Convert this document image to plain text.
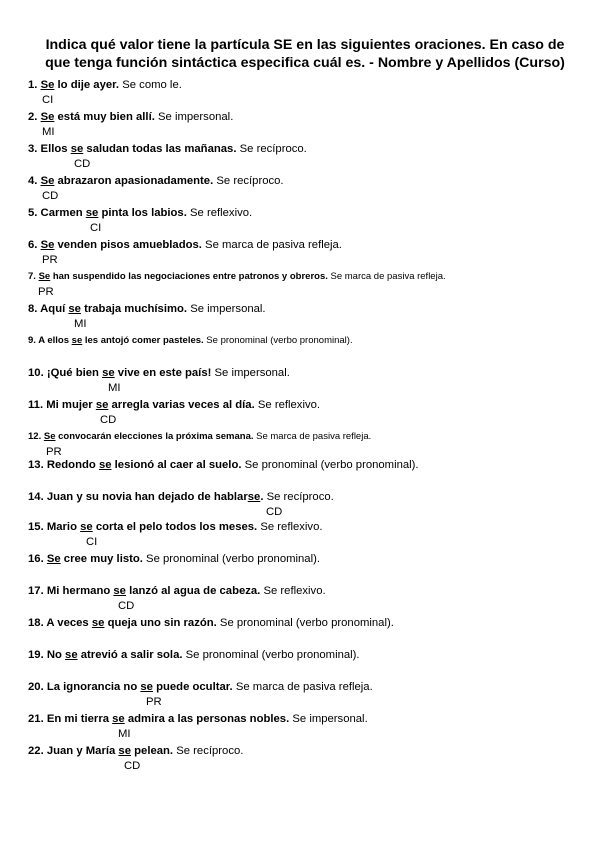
Indica qué valor tiene la partícula SE en las siguientes oraciones. En caso de que tenga función sintáctica especifica cuál es. - Nombre y Apellidos (Curso)
1. Se lo dije ayer. Se como le.
CI
2. Se está muy bien allí. Se impersonal.
MI
3. Ellos se saludan todas las mañanas. Se recíproco.
CD
4. Se abrazaron apasionadamente. Se recíproco.
CD
5. Carmen se pinta los labios. Se reflexivo.
CI
6. Se venden pisos amueblados. Se marca de pasiva refleja.
PR
7. Se han suspendido las negociaciones entre patronos y obreros. Se marca de pasiva refleja.
PR
8. Aquí se trabaja muchísimo. Se impersonal.
MI
9. A ellos se les antojó comer pasteles. Se pronominal (verbo pronominal).
10. ¡Qué bien se vive en este país! Se impersonal.
MI
11. Mi mujer se arregla varias veces al día. Se reflexivo.
CD
12. Se convocarán elecciones la próxima semana. Se marca de pasiva refleja.
PR
13. Redondo se lesionó al caer al suelo. Se pronominal (verbo pronominal).
14. Juan y su novia han dejado de hablarse. Se recíproco.
CD
15. Mario se corta el pelo todos los meses. Se reflexivo.
CI
16. Se cree muy listo. Se pronominal (verbo pronominal).
17. Mi hermano se lanzó al agua de cabeza. Se reflexivo.
CD
18. A veces se queja uno sin razón. Se pronominal (verbo pronominal).
19. No se atrevió a salir sola. Se pronominal (verbo pronominal).
20. La ignorancia no se puede ocultar. Se marca de pasiva refleja.
PR
21. En mi tierra se admira a las personas nobles. Se impersonal.
MI
22. Juan y María se pelean. Se recíproco.
CD
